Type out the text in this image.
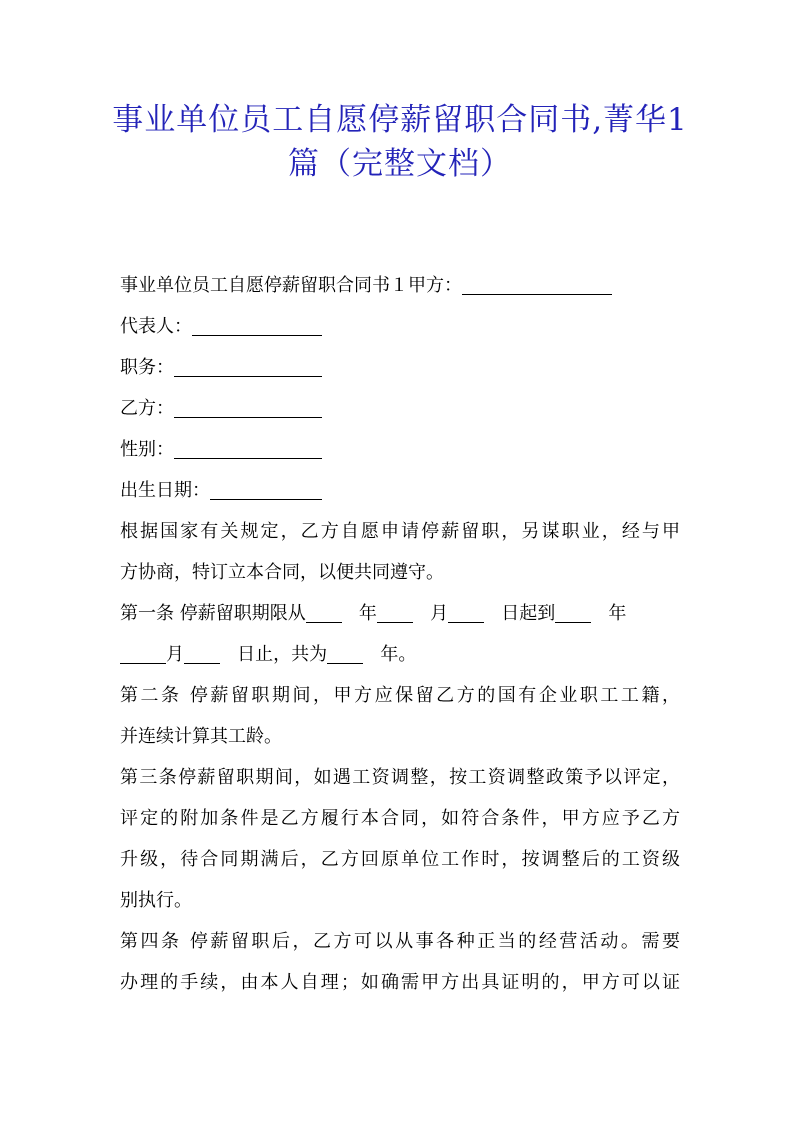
事业单位员工自愿停薪留职合同书,菁华1
篇（完整文档）
事业单位员工自愿停薪留职合同书１甲方：
代表人：
职务：
乙方：
性别：
出生日期：
根据国家有关规定，乙方自愿申请停薪留职，另谋职业，经与甲
方协商，特订立本合同，以便共同遵守。
第一条 停薪留职期限从	年	月	日起到	年
月	日止，共为	年。
第二条 停薪留职期间，甲方应保留乙方的国有企业职工工籍，
并连续计算其工龄。
第三条停薪留职期间，如遇工资调整，按工资调整政策予以评定，
评定的附加条件是乙方履行本合同，如符合条件，甲方应予乙方
升级，待合同期满后，乙方回原单位工作时，按调整后的工资级
别执行。
第四条 停薪留职后，乙方可以从事各种正当的经营活动。需要
办理的手续，由本人自理；如确需甲方出具证明的，甲方可以证
